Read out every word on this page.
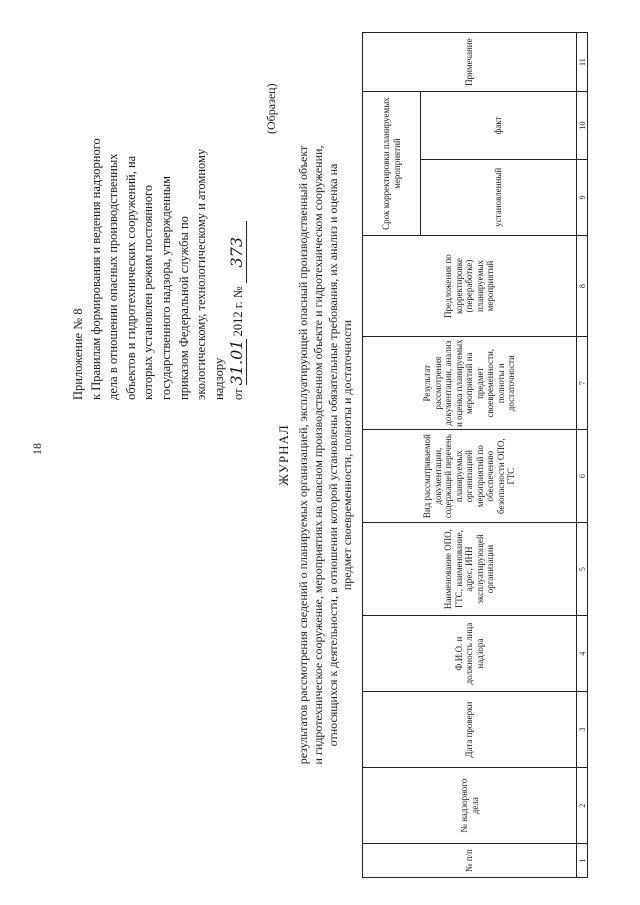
18
Приложение № 8 к Правилам формирования и ведения надзорного дела в отношении опасных производственных объектов и гидротехнических сооружений, на которых установлен режим постоянного государственного надзора, утвержденным приказом Федеральной службы по экологическому, технологическому и атомному надзору от 31.01 2012 г. № 373
(Образец)
ЖУРНАЛ результатов рассмотрения сведений о планируемых организацией, эксплуатирующей опасный производственный объект и гидротехническое сооружение, мероприятиях на опасном производственном объекте и гидротехническом сооружении, относящихся к деятельности, в отношении которой установлены обязательные требования, их анализ и оценка на предмет своевременности, полноты и достаточности
№ п/п	№ надзорного дела	Дата проверки	Ф.И.О. и должность лица надзора	Наименование ОПО, ГТС, наименование, адрес, ИНН эксплуатирующей организации	Вид рассматриваемой документации, содержащей перечень планируемых организацией мероприятий по обеспечению безопасности ОПО, ГТС	Результат рассмотрения документации, анализ и оценка планируемых мероприятий на предмет своевременности, полноты и достаточности	Предложения по корректировке (переработке) планируемых мероприятий	Срок корректировки планируемых мероприятий		Примечание
								установленный	факт	
1	2	3	4	5	6	7	8	9	10	11
